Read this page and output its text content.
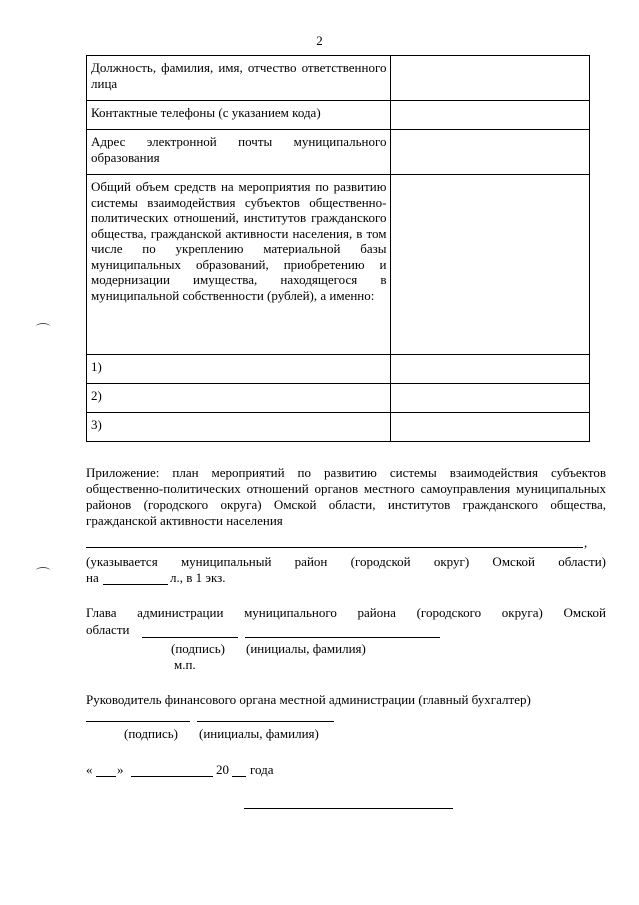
2
Должность, фамилия, имя, отчество ответственного лица	
Контактные телефоны (с указанием кода)	
Адрес электронной почты муниципального образования	
Общий объем средств на мероприятия по развитию системы взаимодействия субъектов общественно-политических отношений, институтов гражданского общества, гражданской активности населения, в том числе по укреплению материальной базы муниципальных образований, приобретению и модернизации имущества, находящегося в муниципальной собственности (рублей), а именно:	
1)	
2)	
3)	
Приложение: план мероприятий по развитию системы взаимодействия субъектов общественно-политических отношений органов местного самоуправления муниципальных районов (городского округа) Омской области, институтов гражданского общества, гражданской активности населения
,
(указывается муниципальный район (городской округ) Омской области)
на	л., в 1 экз.
Глава администрации муниципального района (городского округа) Омской
области
(подпись) (инициалы, фамилия)
м.п.
Руководитель финансового органа местной администрации (главный бухгалтер)
(подпись) (инициалы, фамилия)
« »	20 года
